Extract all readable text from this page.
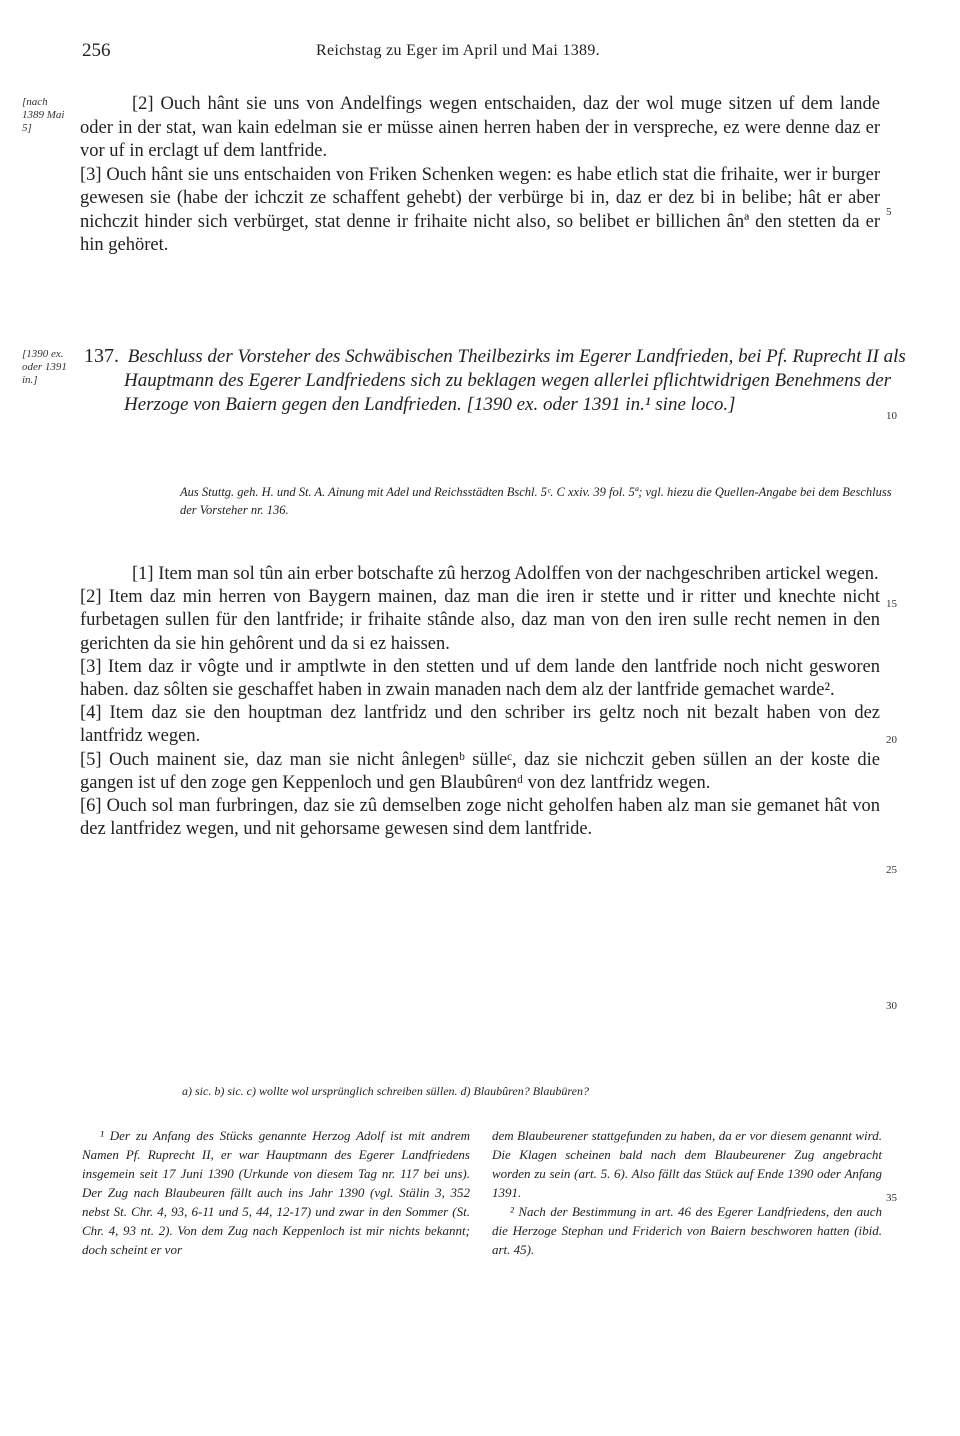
256	Reichstag zu Eger im April und Mai 1389.
[nach 1389 Mai 5]

[2] Ouch hânt sie uns von Andelfings wegen entschaiden, daz der wol muge sitzen uf dem lande oder in der stat, wan kain edelman sie er müsse ainen herren haben der in verspreche, ez were denne daz er vor uf in erclagt uf dem lantfride.

[3] Ouch hânt sie uns entschaiden von Friken Schenken wegen: es habe etlich stat die frihaite, wer ir burger gewesen sie (habe der ichczit ze schaffent gehebt) der verbürge bi in, daz er dez bi in belibe; hât er aber nichczit hinder sich verbürget, stat denne ir frihaite nicht also, so belibet er billichen ânª den stetten da er hin gehöret.

5
[1390 ex. oder 1391 in.]
137. Beschluss der Vorsteher des Schwäbischen Theilbezirks im Egerer Landfrieden, bei Pf. Ruprecht II als Hauptmann des Egerer Landfriedens sich zu beklagen wegen allerlei pflichtwidrigen Benehmens der Herzoge von Baiern gegen den Landfrieden. [1390 ex. oder 1391 in.¹ sine loco.]
10
Aus Stuttg. geh. H. und St. A. Ainung mit Adel und Reichsstädten Bschl. 5ᶜ. C xxiv. 39 fol. 5ª; vgl. hiezu die Quellen-Angabe bei dem Beschluss der Vorsteher nr. 136.

[1] Item man sol tûn ain erber botschafte zû herzog Adolffen von der nachgeschriben artickel wegen.

[2] Item daz min herren von Baygern mainen, daz man die iren ir stette und ir ritter und knechte nicht furbetagen sullen für den lantfride; ir frihaite stânde also, daz man von den iren sulle recht nemen in den gerichten da sie hin gehôrent und da si ez haissen.

[3] Item daz ir vôgte und ir amptlwte in den stetten und uf dem lande den lantfride noch nicht gesworen haben. daz sôlten sie geschaffet haben in zwain manaden nach dem alz der lantfride gemachet warde².

[4] Item daz sie den houptman dez lantfridz und den schriber irs geltz noch nit bezalt haben von dez lantfridz wegen.

[5] Ouch mainent sie, daz man sie nicht ânlegenᵇ sülleᶜ, daz sie nichczit geben süllen an der koste die gangen ist uf den zoge gen Keppenloch und gen Blaubûrenᵈ von dez lantfridz wegen.

[6] Ouch sol man furbringen, daz sie zû demselben zoge nicht geholfen haben alz man sie gemanet hât von dez lantfridez wegen, und nit gehorsame gewesen sind dem lantfride.

15
20
25
30
a) sic. b) sic. c) wollte wol ursprünglich schreiben süllen. d) Blaubûren? Blaubüren?

¹ Der zu Anfang des Stücks genannte Herzog Adolf ist mit andrem Namen Pf. Ruprecht II, er war Hauptmann des Egerer Landfriedens insgemein seit 17 Juni 1390 (Urkunde von diesem Tag nr. 117 bei uns). Der Zug nach Blaubeuren fällt auch ins Jahr 1390 (vgl. Stälin 3, 352 nebst St. Chr. 4, 93, 6-11 und 5, 44, 12-17) und zwar in den Sommer (St. Chr. 4, 93 nt. 2). Von dem Zug nach Keppenloch ist mir nichts bekannt; doch scheint er vor

dem Blaubeurener stattgefunden zu haben, da er vor diesem genannt wird. Die Klagen scheinen bald nach dem Blaubeurener Zug angebracht worden zu sein (art. 5. 6). Also fällt das Stück auf Ende 1390 oder Anfang 1391.

² Nach der Bestimmung in art. 46 des Egerer Landfriedens, den auch die Herzoge Stephan und Friderich von Baiern beschworen hatten (ibid. art. 45).

35
